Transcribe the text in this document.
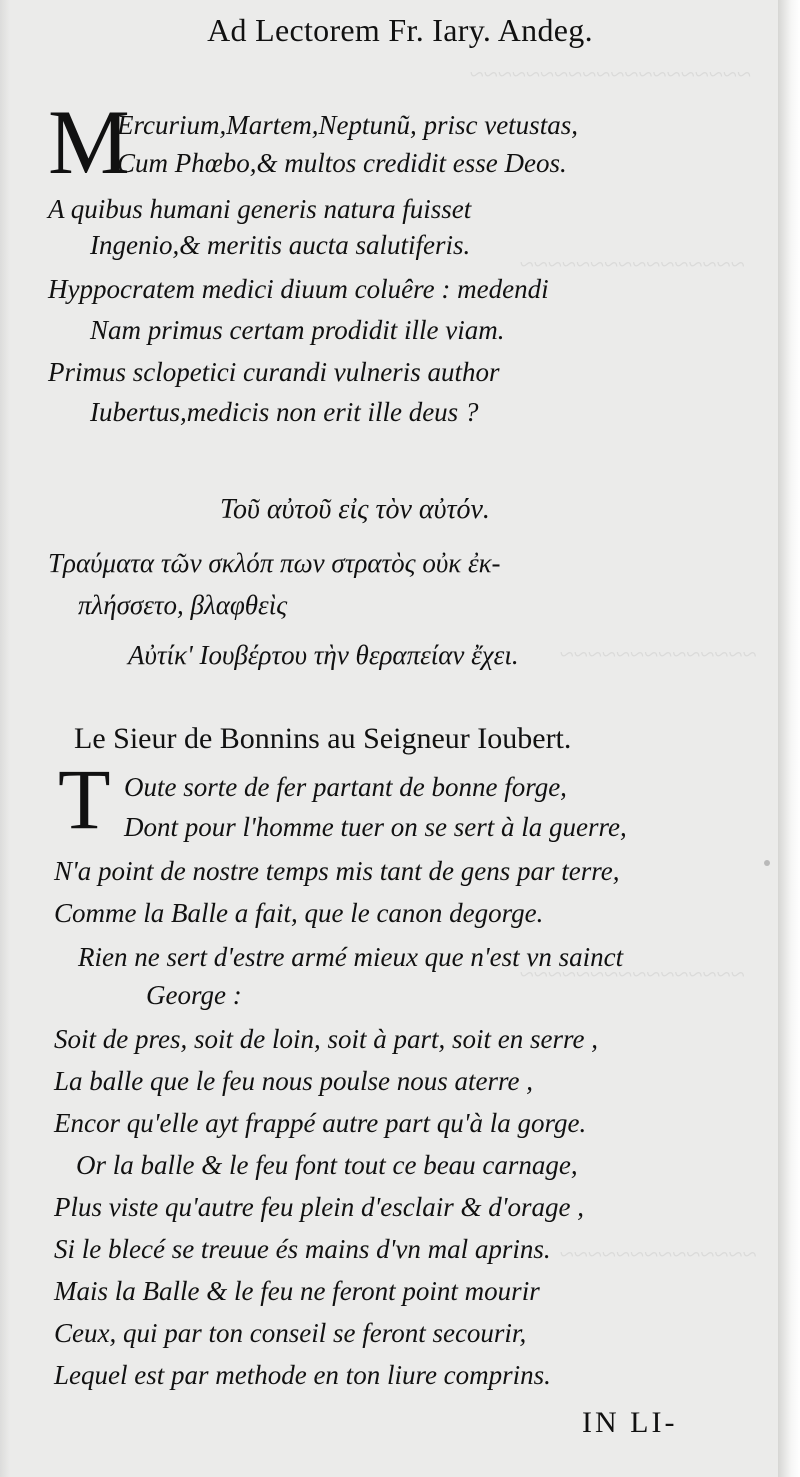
~~~~~~~~~~~~~~~~~~~~
~~~~~~~~~~~~~~~~
~~~~~~~~~~~~~~
~~~~~~~~~~~~~~~~
~~~~~~~~~~~~~~
Ad Lectorem Fr. Iary. Andeg.
M
Ercurium,Martem,Neptunũ, prisc vetustas,
Cum Phœbo,& multos credidit esse Deos.
A quibus humani generis natura fuisset
Ingenio,& meritis aucta salutiferis.
Hyppocratem medici diuum coluêre : medendi
Nam primus certam prodidit ille viam.
Primus sclopetici curandi vulneris author
Iubertus,medicis non erit ille deus ?
Τοῦ αὐτοῦ εἰς τὸν αὐτόν.
Τραύματα τῶν σκλόπ πων στρατὸς οὐκ ἐκ-
πλήσσετο, βλαφθεὶς
Αὐτίκ' Ιουβέρτου τὴν θεραπείαν ἔχει.
Le Sieur de Bonnins au Seigneur Ioubert.
T Oute sorte de fer partant de bonne forge,
Dont pour l'homme tuer on se sert à la guerre,
N'a point de nostre temps mis tant de gens par terre,
Comme la Balle a fait, que le canon degorge.
Rien ne sert d'estre armé mieux que n'est vn sainct
George :
Soit de pres, soit de loin, soit à part, soit en serre ,
La balle que le feu nous poulse nous aterre ,
Encor qu'elle ayt frappé autre part qu'à la gorge.
Or la balle & le feu font tout ce beau carnage,
Plus viste qu'autre feu plein d'esclair & d'orage ,
Si le blecé se treuue és mains d'vn mal aprins.
Mais la Balle & le feu ne feront point mourir
Ceux, qui par ton conseil se feront secourir,
Lequel est par methode en ton liure comprins.
IN LI-
